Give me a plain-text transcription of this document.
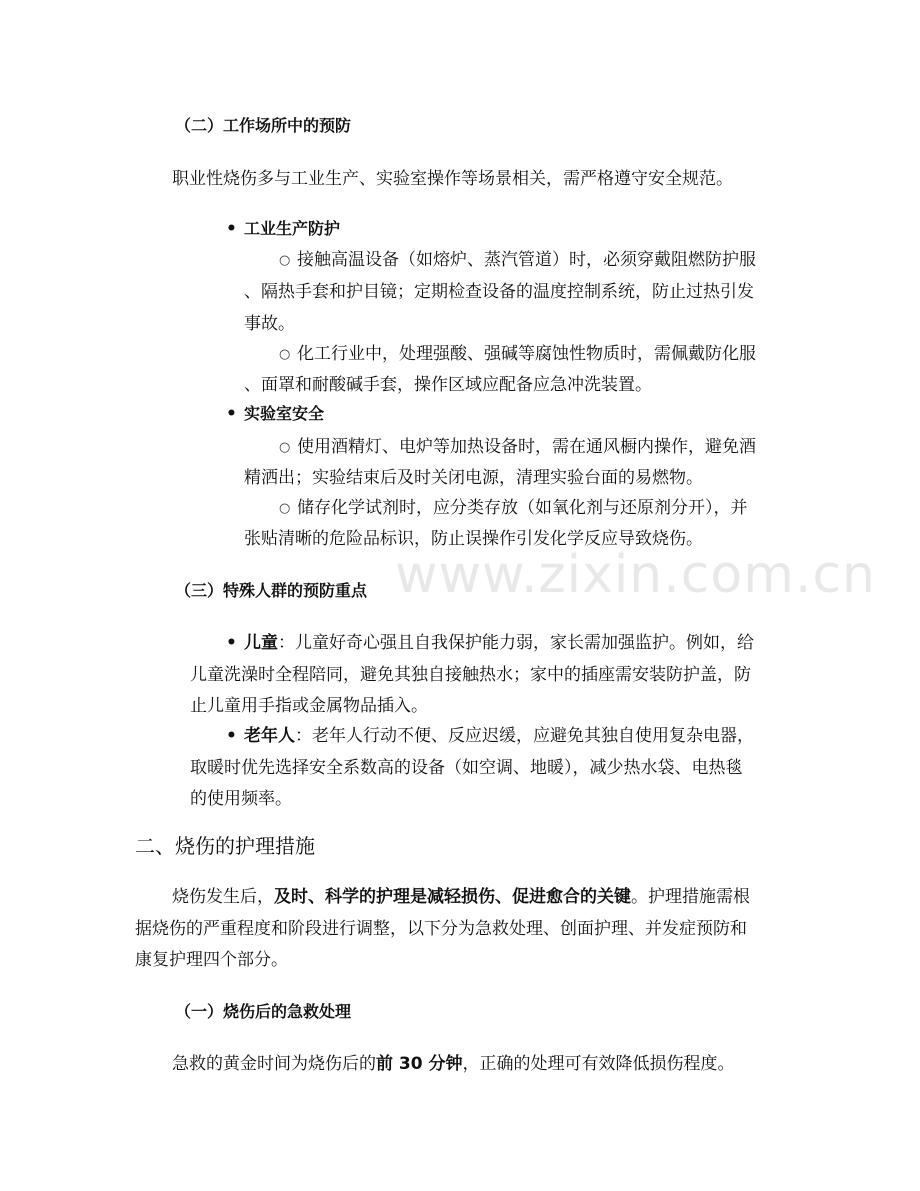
（二）工作场所中的预防
职业性烧伤多与工业生产、实验室操作等场景相关，需严格遵守安全规范。
• 工业生产防护
○ 接触高温设备（如熔炉、蒸汽管道）时，必须穿戴阻燃防护服
、隔热手套和护目镜；定期检查设备的温度控制系统，防止过热引发
事故。
○ 化工行业中，处理强酸、强碱等腐蚀性物质时，需佩戴防化服
、面罩和耐酸碱手套，操作区域应配备应急冲洗装置。
• 实验室安全
○ 使用酒精灯、电炉等加热设备时，需在通风橱内操作，避免酒
精洒出；实验结束后及时关闭电源，清理实验台面的易燃物。
○ 储存化学试剂时，应分类存放（如氧化剂与还原剂分开），并
张贴清晰的危险品标识，防止误操作引发化学反应导致烧伤。
www.zixin.com.cn
（三）特殊人群的预防重点
• 儿童：儿童好奇心强且自我保护能力弱，家长需加强监护。例如，给
儿童洗澡时全程陪同，避免其独自接触热水；家中的插座需安装防护盖，防
止儿童用手指或金属物品插入。
• 老年人：老年人行动不便、反应迟缓，应避免其独自使用复杂电器，
取暖时优先选择安全系数高的设备（如空调、地暖），减少热水袋、电热毯
的使用频率。
二、烧伤的护理措施
烧伤发生后，及时、科学的护理是减轻损伤、促进愈合的关键。护理措施需根
据烧伤的严重程度和阶段进行调整，以下分为急救处理、创面护理、并发症预防和
康复护理四个部分。
（一）烧伤后的急救处理
急救的黄金时间为烧伤后的前 30 分钟，正确的处理可有效降低损伤程度。
